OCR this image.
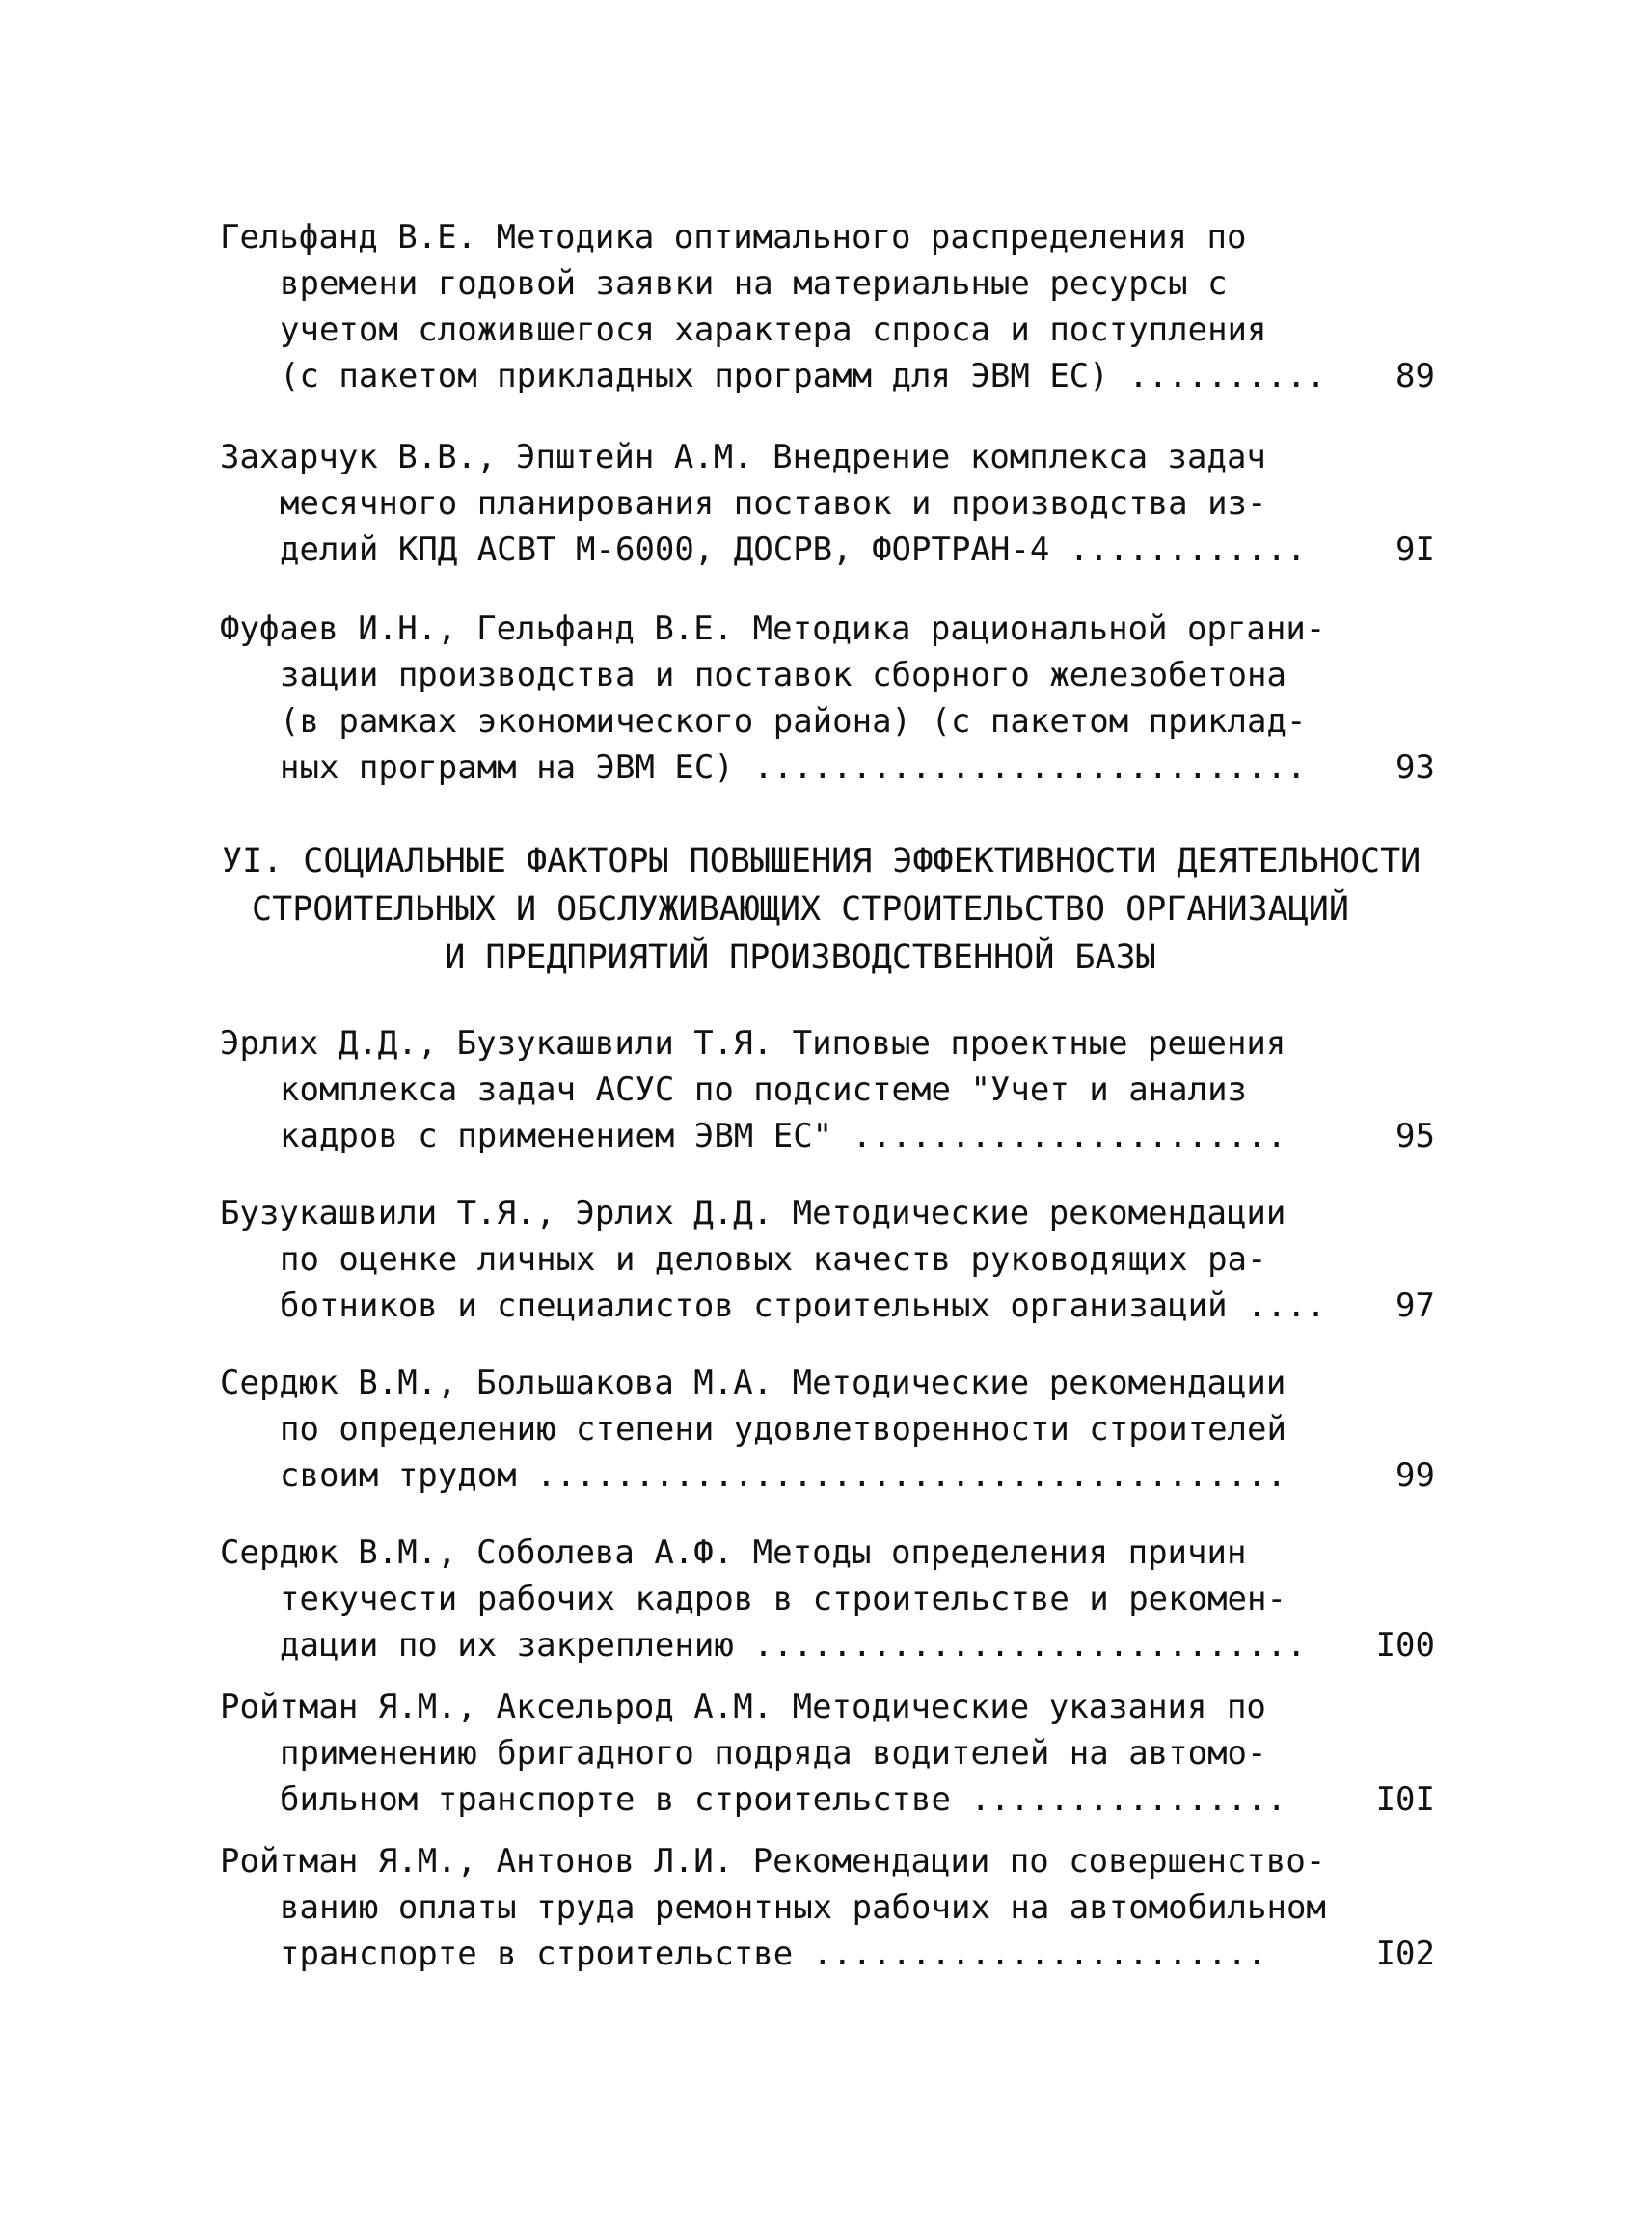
Гельфанд В.Е. Методика оптимального распределения по
времени годовой заявки на материальные ресурсы с
учетом сложившегося характера спроса и поступления
(с пакетом прикладных программ для ЭВМ ЕС) .......... 89
Захарчук В.В., Эпштейн А.М. Внедрение комплекса задач
месячного планирования поставок и производства из-
делий КПД АСВТ М-6000, ДОСРВ, ФОРТРАН-4 ............	9I
Фуфаев И.Н., Гельфанд В.Е. Методика рациональной органи-
зации производства и поставок сборного железобетона
(в рамках экономического района) (с пакетом приклад-
ных программ на ЭВМ ЕС) ............................	93
УI. СОЦИАЛЬНЫЕ ФАКТОРЫ ПОВЫШЕНИЯ ЭФФЕКТИВНОСТИ ДЕЯТЕЛЬНОСТИ
СТРОИТЕЛЬНЫХ И ОБСЛУЖИВАЮЩИХ СТРОИТЕЛЬСТВО ОРГАНИЗАЦИЙ
И ПРЕДПРИЯТИЙ ПРОИЗВОДСТВЕННОЙ БАЗЫ
Эрлих Д.Д., Бузукашвили Т.Я. Типовые проектные решения
комплекса задач АСУС по подсистеме "Учет и анализ
кадров с применением ЭВМ ЕС" ......................	95
Бузукашвили Т.Я., Эрлих Д.Д. Методические рекомендации
по оценке личных и деловых качеств руководящих ра-
ботников и специалистов строительных организаций .... 97
Сердюк В.М., Большакова М.А. Методические рекомендации
по определению степени удовлетворенности строителей
своим трудом ......................................	99
Сердюк В.М., Соболева А.Ф. Методы определения причин
текучести рабочих кадров в строительстве и рекомен-
дации по их закреплению ............................ I00
Ройтман Я.М., Аксельрод А.М. Методические указания по
применению бригадного подряда водителей на автомо-
бильном транспорте в строительстве ................	I0I
Ройтман Я.М., Антонов Л.И. Рекомендации по совершенство-
ванию оплаты труда ремонтных рабочих на автомобильном
транспорте в строительстве .......................	I02
